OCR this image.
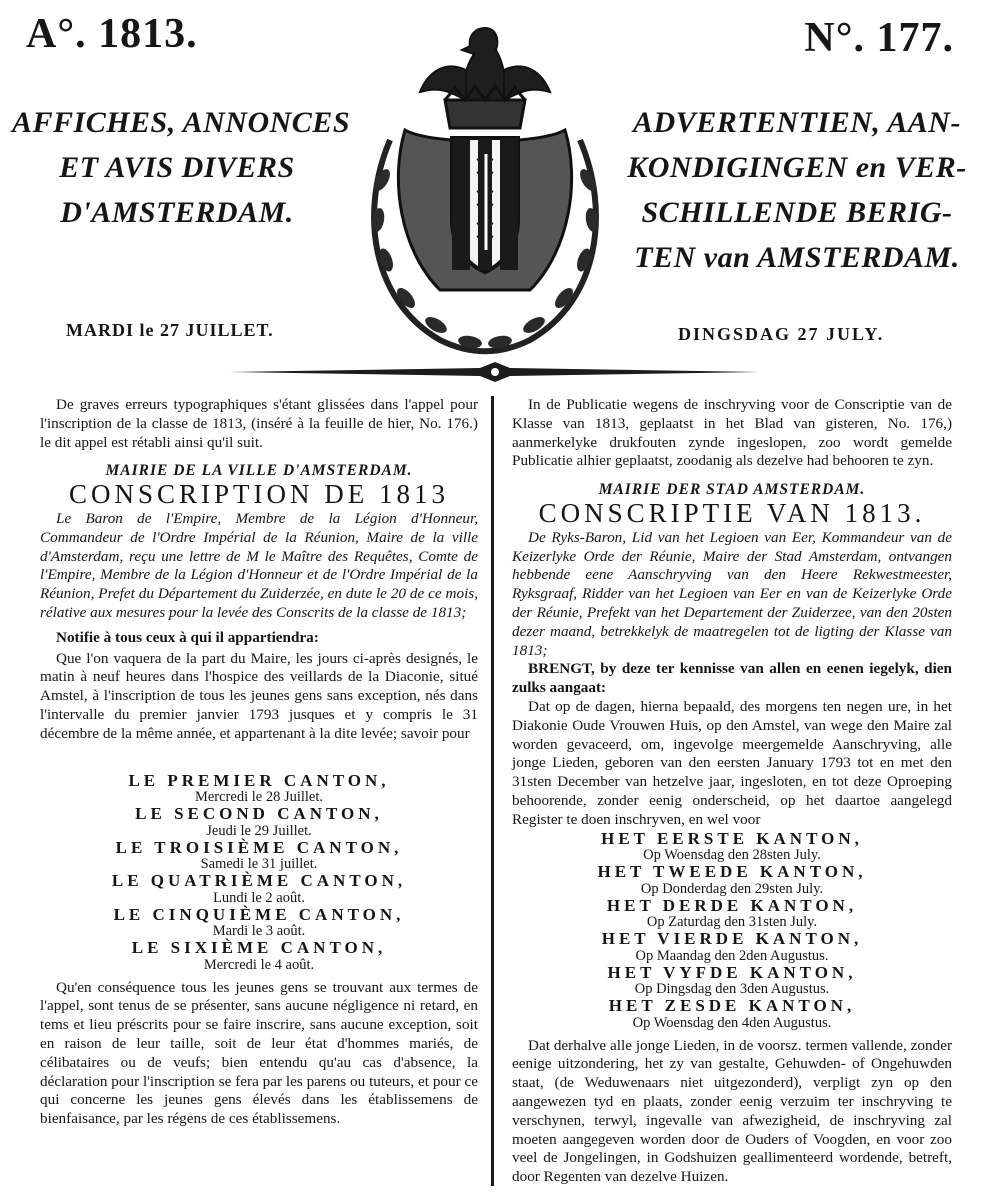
A°. 1813.	N°. 177.
AFFICHES, ANNONCES
ET AVIS DIVERS
D'AMSTERDAM.
ADVERTENTIEN, AAN-
KONDIGINGEN en VER-
SCHILLENDE BERIG-
TEN van AMSTERDAM.
MARDI le 27 JUILLET.	DINGSDAG 27 JULY.

De graves erreurs typographiques s'étant glissées dans l'appel pour l'inscription de la classe de 1813, (inséré à la feuille de hier, No. 176.) le dit appel est rétabli ainsi qu'il suit.

MAIRIE DE LA VILLE D'AMSTERDAM.
CONSCRIPTION DE 1813

Le Baron de l'Empire, Membre de la Légion d'Honneur, Commandeur de l'Ordre Impérial de la Réunion, Maire de la ville d'Amsterdam, reçu une lettre de M le Maître des Requêtes, Comte de l'Empire, Membre de la Légion d'Honneur et de l'Ordre Impérial de la Réunion, Prefet du Département du Zuiderzée, en dute le 20 de ce mois, rélative aux mesures pour la levée des Conscrits de la classe de 1813;

Notifie à tous ceux à qui il appartiendra:

Que l'on vaquera de la part du Maire, les jours ci-après designés, le matin à neuf heures dans l'hospice des veillards de la Diaconie, situé Amstel, à l'inscription de tous les jeunes gens sans exception, nés dans l'intervalle du premier janvier 1793 jusques et y compris le 31 décembre de la même année, et appartenant à la dite levée; savoir pour

LE PREMIER CANTON,
Mercredi le 28 Juillet.
LE SECOND CANTON,
Jeudi le 29 Juillet.
LE TROISIÈME CANTON,
Samedi le 31 juillet.
LE QUATRIÈME CANTON,
Lundi le 2 août.
LE CINQUIÈME CANTON,
Mardi le 3 août.
LE SIXIÈME CANTON,
Mercredi le 4 août.

Qu'en conséquence tous les jeunes gens se trouvant aux termes de l'appel, sont tenus de se présenter, sans aucune négligence ni retard, en tems et lieu préscrits pour se faire inscrire, sans aucune exception, soit en raison de leur taille, soit de leur état d'hommes mariés, de célibataires ou de veufs; bien entendu qu'au cas d'absence, la déclaration pour l'inscription se fera par les parens ou tuteurs, et pour ce qui concerne les jeunes gens élevés dans les établissemens de bienfaisance, par les régens de ces établissemens.

In de Publicatie wegens de inschryving voor de Conscriptie van de Klasse van 1813, geplaatst in het Blad van gisteren, No. 176,) aanmerkelyke drukfouten zynde ingeslopen, zoo wordt gemelde Publicatie alhier geplaatst, zoodanig als dezelve had behooren te zyn.

MAIRIE DER STAD AMSTERDAM.
CONSCRIPTIE VAN 1813.

De Ryks-Baron, Lid van het Legioen van Eer, Kommandeur van de Keizerlyke Orde der Réunie, Maire der Stad Amsterdam, ontvangen hebbende eene Aanschryving van den Heere Rekwestmeester, Ryksgraaf, Ridder van het Legioen van Eer en van de Keizerlyke Orde der Réunie, Prefekt van het Departement der Zuiderzee, van den 20sten dezer maand, betrekkelyk de maatregelen tot de ligting der Klasse van 1813;

BRENGT, by deze ter kennisse van allen en eenen iegelyk, dien zulks aangaat:

Dat op de dagen, hierna bepaald, des morgens ten negen ure, in het Diakonie Oude Vrouwen Huis, op den Amstel, van wege den Maire zal worden gevaceerd, om, ingevolge meergemelde Aanschryving, alle jonge Lieden, geboren van den eersten January 1793 tot en met den 31sten December van hetzelve jaar, ingesloten, en tot deze Oproeping behoorende, zonder eenig onderscheid, op het daartoe aangelegd Register te doen inschryven, en wel voor

HET EERSTE KANTON,
Op Woensdag den 28sten July.
HET TWEEDE KANTON,
Op Donderdag den 29sten July.
HET DERDE KANTON,
Op Zaturdag den 31sten July.
HET VIERDE KANTON,
Op Maandag den 2den Augustus.
HET VYFDE KANTON,
Op Dingsdag den 3den Augustus.
HET ZESDE KANTON,
Op Woensdag den 4den Augustus.

Dat derhalve alle jonge Lieden, in de voorsz. termen vallende, zonder eenige uitzondering, het zy van gestalte, Gehuwden- of Ongehuwden staat, (de Weduwenaars niet uitgezonderd), verpligt zyn op den aangewezen tyd en plaats, zonder eenig verzuim ter inschryving te verschynen, terwyl, ingevalle van afwezigheid, de inschryving zal moeten aangegeven worden door de Ouders of Voogden, en voor zoo veel de Jongelingen, in Godshuizen geallimenteerd wordende, betreft, door Regenten van dezelve Huizen.
